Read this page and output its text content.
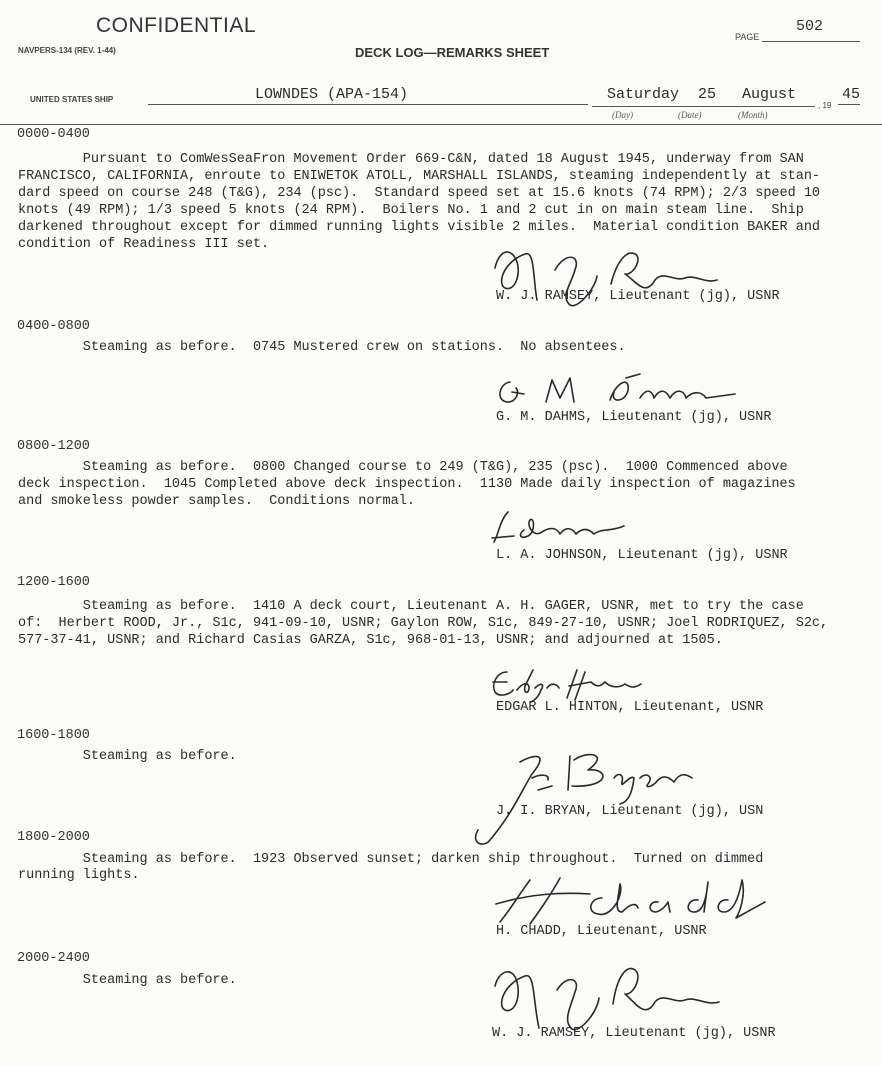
CONFIDENTIAL
NAVPERS-134 (REV. 1-44)	DECK LOG—REMARKS SHEET
PAGE
502
UNITED STATES SHIP	LOWNDES (APA-154)	Saturday 25 August
, 19
45
(Day)	(Date)	(Month)
0000-0400
Pursuant to ComWesSeaFron Movement Order 669-C&N, dated 18 August 1945, underway from SAN
FRANCISCO, CALIFORNIA, enroute to ENIWETOK ATOLL, MARSHALL ISLANDS, steaming independently at stan-
dard speed on course 248 (T&G), 234 (psc).  Standard speed set at 15.6 knots (74 RPM); 2/3 speed 10
knots (49 RPM); 1/3 speed 5 knots (24 RPM).  Boilers No. 1 and 2 cut in on main steam line.  Ship
darkened throughout except for dimmed running lights visible 2 miles.  Material condition BAKER and
condition of Readiness III set.
W. J. RAMSEY, Lieutenant (jg), USNR
0400-0800
Steaming as before.  0745 Mustered crew on stations.  No absentees.
G. M. DAHMS, Lieutenant (jg), USNR
0800-1200
Steaming as before.  0800 Changed course to 249 (T&G), 235 (psc).  1000 Commenced above
deck inspection.  1045 Completed above deck inspection.  1130 Made daily inspection of magazines
and smokeless powder samples.  Conditions normal.
L. A. JOHNSON, Lieutenant (jg), USNR
1200-1600
Steaming as before.  1410 A deck court, Lieutenant A. H. GAGER, USNR, met to try the case
of:  Herbert ROOD, Jr., S1c, 941-09-10, USNR; Gaylon ROW, S1c, 849-27-10, USNR; Joel RODRIQUEZ, S2c,
577-37-41, USNR; and Richard Casias GARZA, S1c, 968-01-13, USNR; and adjourned at 1505.
EDGAR L. HINTON, Lieutenant, USNR
1600-1800
Steaming as before.
J. I. BRYAN, Lieutenant (jg), USN
1800-2000
Steaming as before.  1923 Observed sunset; darken ship throughout.  Turned on dimmed
running lights.
H. CHADD, Lieutenant, USNR
2000-2400
Steaming as before.
W. J. RAMSEY, Lieutenant (jg), USNR
